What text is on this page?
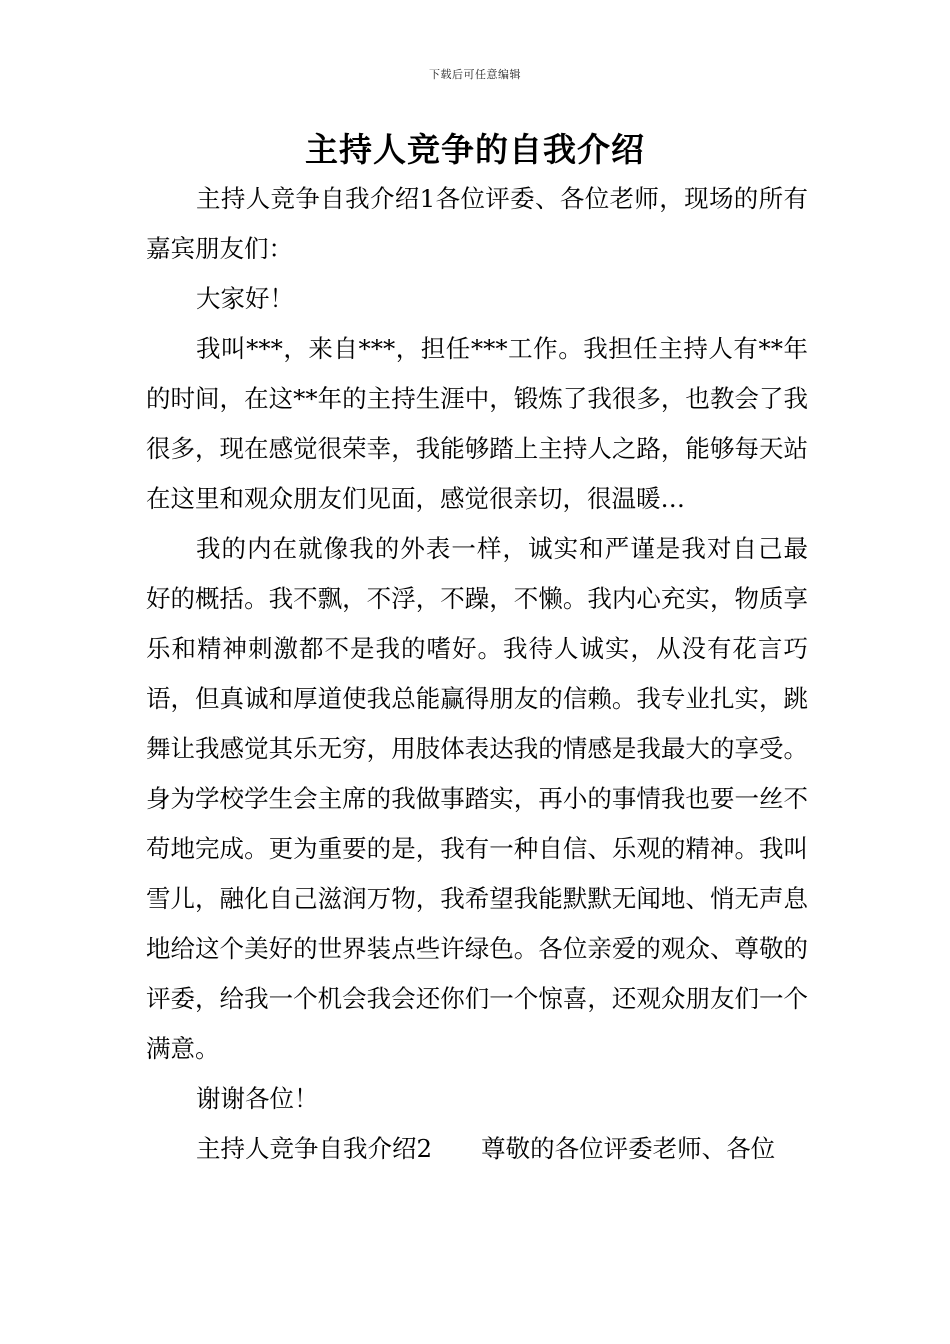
下载后可任意编辑
主持人竞争的自我介绍

主持人竞争自我介绍1各位评委、各位老师，现场的所有嘉宾朋友们：

大家好！

我叫***，来自***，担任***工作。我担任主持人有**年的时间，在这**年的主持生涯中，锻炼了我很多，也教会了我很多，现在感觉很荣幸，我能够踏上主持人之路，能够每天站在这里和观众朋友们见面，感觉很亲切，很温暖…

我的内在就像我的外表一样，诚实和严谨是我对自己最好的概括。我不飘，不浮，不躁，不懒。我内心充实，物质享乐和精神刺激都不是我的嗜好。我待人诚实，从没有花言巧语，但真诚和厚道使我总能赢得朋友的信赖。我专业扎实，跳舞让我感觉其乐无穷，用肢体表达我的情感是我最大的享受。身为学校学生会主席的我做事踏实，再小的事情我也要一丝不苟地完成。更为重要的是，我有一种自信、乐观的精神。我叫雪儿，融化自己滋润万物，我希望我能默默无闻地、悄无声息地给这个美好的世界装点些许绿色。各位亲爱的观众、尊敬的评委，给我一个机会我会还你们一个惊喜，还观众朋友们一个满意。

谢谢各位！

主持人竞争自我介绍2　　尊敬的各位评委老师、各位
